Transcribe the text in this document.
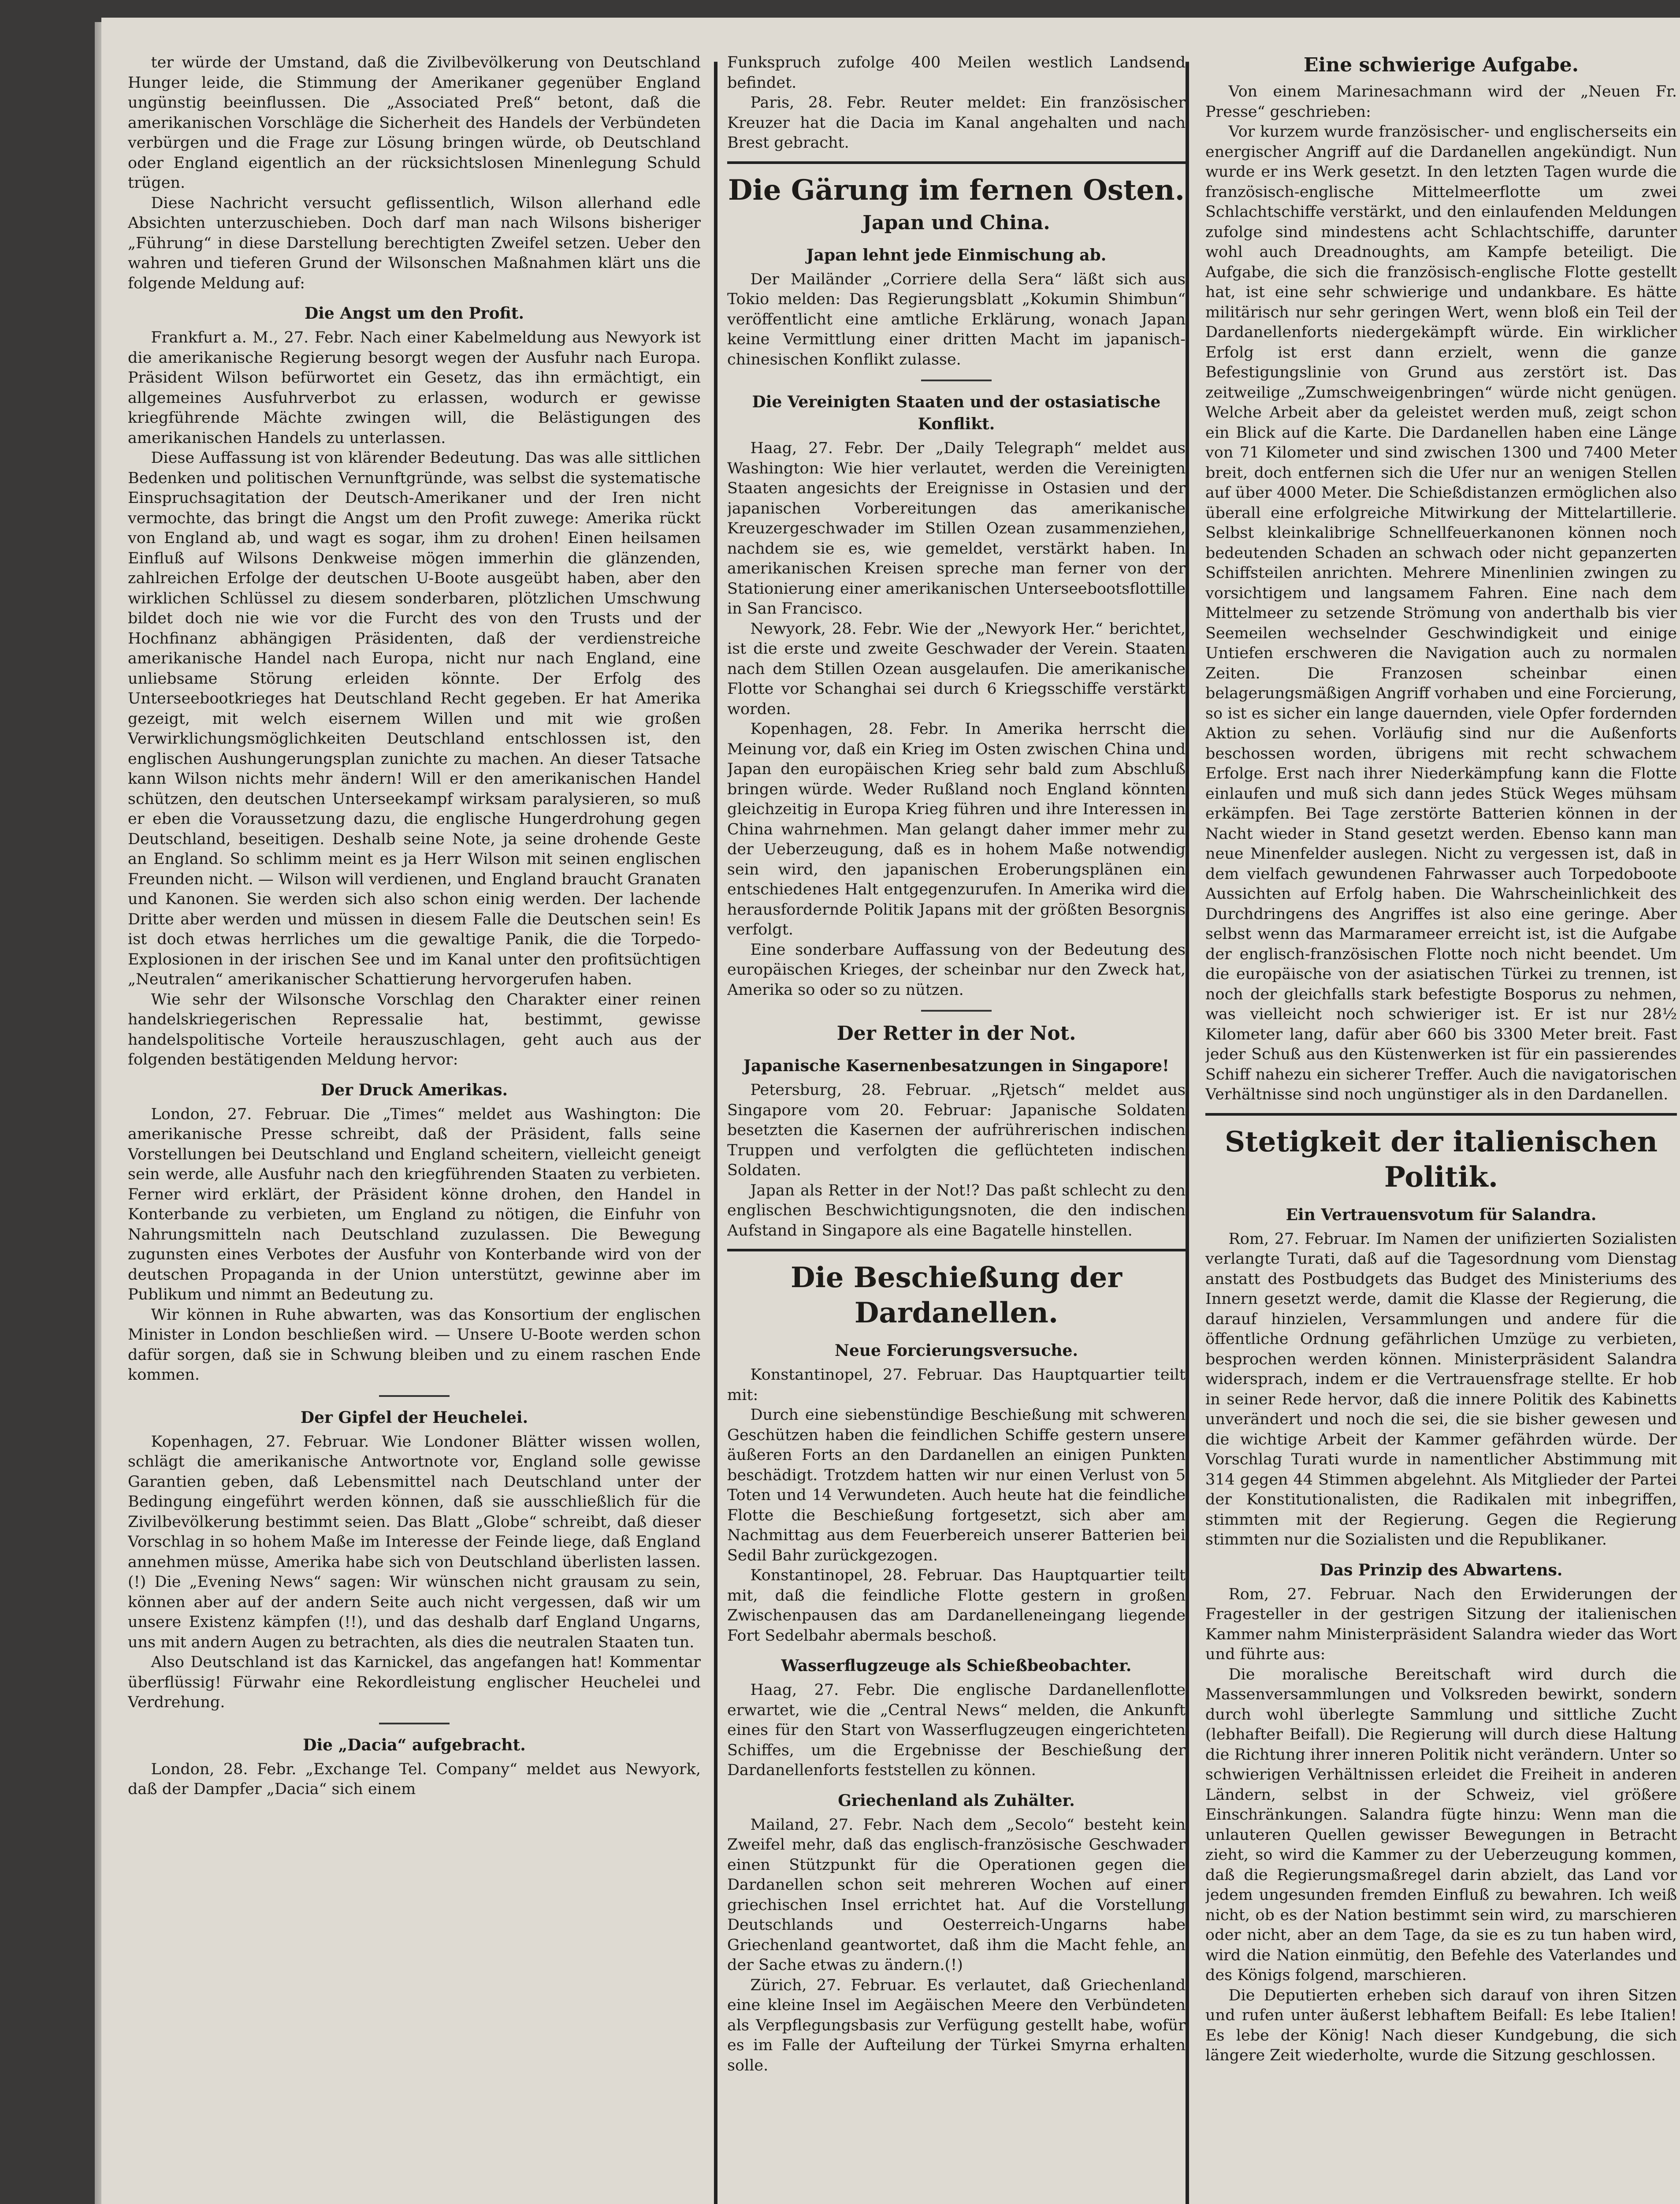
ter würde der Umstand, daß die Zivilbevölkerung von Deutschland Hunger leide, die Stimmung der Amerikaner gegenüber England ungünstig beeinflussen. Die „Associated Preß“ betont, daß die amerikanischen Vorschläge die Sicherheit des Handels der Verbündeten verbürgen und die Frage zur Lösung bringen würde, ob Deutschland oder England eigentlich an der rücksichtslosen Minenlegung Schuld trügen.
Diese Nachricht versucht geflissentlich, Wilson allerhand edle Absichten unterzuschieben. Doch darf man nach Wilsons bisheriger „Führung“ in diese Darstellung berechtigten Zweifel setzen. Ueber den wahren und tieferen Grund der Wilsonschen Maßnahmen klärt uns die folgende Meldung auf:
Die Angst um den Profit.
Frankfurt a. M., 27. Febr. Nach einer Kabelmeldung aus Newyork ist die amerikanische Regierung besorgt wegen der Ausfuhr nach Europa. Präsident Wilson befürwortet ein Gesetz, das ihn ermächtigt, ein allgemeines Ausfuhrverbot zu erlassen, wodurch er gewisse kriegführende Mächte zwingen will, die Belästigungen des amerikanischen Handels zu unterlassen.
Diese Auffassung ist von klärender Bedeutung. Das was alle sittlichen Bedenken und politischen Vernunftgründe, was selbst die systematische Einspruchsagitation der Deutsch-Amerikaner und der Iren nicht vermochte, das bringt die Angst um den Profit zuwege: Amerika rückt von England ab, und wagt es sogar, ihm zu drohen! Einen heilsamen Einfluß auf Wilsons Denkweise mögen immerhin die glänzenden, zahlreichen Erfolge der deutschen U-Boote ausgeübt haben, aber den wirklichen Schlüssel zu diesem sonderbaren, plötzlichen Umschwung bildet doch nie wie vor die Furcht des von den Trusts und der Hochfinanz abhängigen Präsidenten, daß der verdienstreiche amerikanische Handel nach Europa, nicht nur nach England, eine unliebsame Störung erleiden könnte. Der Erfolg des Unterseebootkrieges hat Deutschland Recht gegeben. Er hat Amerika gezeigt, mit welch eisernem Willen und mit wie großen Verwirklichungsmöglichkeiten Deutschland entschlossen ist, den englischen Aushungerungsplan zunichte zu machen. An dieser Tatsache kann Wilson nichts mehr ändern! Will er den amerikanischen Handel schützen, den deutschen Unterseekampf wirksam paralysieren, so muß er eben die Voraussetzung dazu, die englische Hungerdrohung gegen Deutschland, beseitigen. Deshalb seine Note, ja seine drohende Geste an England. So schlimm meint es ja Herr Wilson mit seinen englischen Freunden nicht. — Wilson will verdienen, und England braucht Granaten und Kanonen. Sie werden sich also schon einig werden. Der lachende Dritte aber werden und müssen in diesem Falle die Deutschen sein! Es ist doch etwas herrliches um die gewaltige Panik, die die Torpedo-Explosionen in der irischen See und im Kanal unter den profitsüchtigen „Neutralen“ amerikanischer Schattierung hervorgerufen haben.
Wie sehr der Wilsonsche Vorschlag den Charakter einer reinen handelskriegerischen Repressalie hat, bestimmt, gewisse handelspolitische Vorteile herauszuschlagen, geht auch aus der folgenden bestätigenden Meldung hervor:
Der Druck Amerikas.
London, 27. Februar. Die „Times“ meldet aus Washington: Die amerikanische Presse schreibt, daß der Präsident, falls seine Vorstellungen bei Deutschland und England scheitern, vielleicht geneigt sein werde, alle Ausfuhr nach den kriegführenden Staaten zu verbieten. Ferner wird erklärt, der Präsident könne drohen, den Handel in Konterbande zu verbieten, um England zu nötigen, die Einfuhr von Nahrungsmitteln nach Deutschland zuzulassen. Die Bewegung zugunsten eines Verbotes der Ausfuhr von Konterbande wird von der deutschen Propaganda in der Union unterstützt, gewinne aber im Publikum und nimmt an Bedeutung zu.
Wir können in Ruhe abwarten, was das Konsortium der englischen Minister in London beschließen wird. — Unsere U-Boote werden schon dafür sorgen, daß sie in Schwung bleiben und zu einem raschen Ende kommen.
Der Gipfel der Heuchelei.
Kopenhagen, 27. Februar. Wie Londoner Blätter wissen wollen, schlägt die amerikanische Antwortnote vor, England solle gewisse Garantien geben, daß Lebensmittel nach Deutschland unter der Bedingung eingeführt werden können, daß sie ausschließlich für die Zivilbevölkerung bestimmt seien. Das Blatt „Globe“ schreibt, daß dieser Vorschlag in so hohem Maße im Interesse der Feinde liege, daß England annehmen müsse, Amerika habe sich von Deutschland überlisten lassen. (!) Die „Evening News“ sagen: Wir wünschen nicht grausam zu sein, können aber auf der andern Seite auch nicht vergessen, daß wir um unsere Existenz kämpfen (!!), und das deshalb darf England Ungarns, uns mit andern Augen zu betrachten, als dies die neutralen Staaten tun.
Also Deutschland ist das Karnickel, das angefangen hat! Kommentar überflüssig! Fürwahr eine Rekordleistung englischer Heuchelei und Verdrehung.
Die „Dacia“ aufgebracht.
London, 28. Febr. „Exchange Tel. Company“ meldet aus Newyork, daß der Dampfer „Dacia“ sich einem
Funkspruch zufolge 400 Meilen westlich Landsend befindet.
Paris, 28. Febr. Reuter meldet: Ein französischer Kreuzer hat die Dacia im Kanal angehalten und nach Brest gebracht.
Die Gärung im fernen Osten.
Japan und China.
Japan lehnt jede Einmischung ab.
Der Mailänder „Corriere della Sera“ läßt sich aus Tokio melden: Das Regierungsblatt „Kokumin Shimbun“ veröffentlicht eine amtliche Erklärung, wonach Japan keine Vermittlung einer dritten Macht im japanisch-chinesischen Konflikt zulasse.
Die Vereinigten Staaten und der ostasiatische Konflikt.
Haag, 27. Febr. Der „Daily Telegraph“ meldet aus Washington: Wie hier verlautet, werden die Vereinigten Staaten angesichts der Ereignisse in Ostasien und der japanischen Vorbereitungen das amerikanische Kreuzergeschwader im Stillen Ozean zusammenziehen, nachdem sie es, wie gemeldet, verstärkt haben. In amerikanischen Kreisen spreche man ferner von der Stationierung einer amerikanischen Unterseebootsflottille in San Francisco.
Newyork, 28. Febr. Wie der „Newyork Her.“ berichtet, ist die erste und zweite Geschwader der Verein. Staaten nach dem Stillen Ozean ausgelaufen. Die amerikanische Flotte vor Schanghai sei durch 6 Kriegsschiffe verstärkt worden.
Kopenhagen, 28. Febr. In Amerika herrscht die Meinung vor, daß ein Krieg im Osten zwischen China und Japan den europäischen Krieg sehr bald zum Abschluß bringen würde. Weder Rußland noch England könnten gleichzeitig in Europa Krieg führen und ihre Interessen in China wahrnehmen. Man gelangt daher immer mehr zu der Ueberzeugung, daß es in hohem Maße notwendig sein wird, den japanischen Eroberungsplänen ein entschiedenes Halt entgegenzurufen. In Amerika wird die herausfordernde Politik Japans mit der größten Besorgnis verfolgt.
Eine sonderbare Auffassung von der Bedeutung des europäischen Krieges, der scheinbar nur den Zweck hat, Amerika so oder so zu nützen.
Der Retter in der Not.
Japanische Kasernenbesatzungen in Singapore!
Petersburg, 28. Februar. „Rjetsch“ meldet aus Singapore vom 20. Februar: Japanische Soldaten besetzten die Kasernen der aufrührerischen indischen Truppen und verfolgten die geflüchteten indischen Soldaten.
Japan als Retter in der Not!? Das paßt schlecht zu den englischen Beschwichtigungsnoten, die den indischen Aufstand in Singapore als eine Bagatelle hinstellen.
Die Beschießung der Dardanellen.
Neue Forcierungsversuche.
Konstantinopel, 27. Februar. Das Hauptquartier teilt mit:
Durch eine siebenstündige Beschießung mit schweren Geschützen haben die feindlichen Schiffe gestern unsere äußeren Forts an den Dardanellen an einigen Punkten beschädigt. Trotzdem hatten wir nur einen Verlust von 5 Toten und 14 Verwundeten. Auch heute hat die feindliche Flotte die Beschießung fortgesetzt, sich aber am Nachmittag aus dem Feuerbereich unserer Batterien bei Sedil Bahr zurückgezogen.
Konstantinopel, 28. Februar. Das Hauptquartier teilt mit, daß die feindliche Flotte gestern in großen Zwischenpausen das am Dardanelleneingang liegende Fort Sedelbahr abermals beschoß.
Wasserflugzeuge als Schießbeobachter.
Haag, 27. Febr. Die englische Dardanellenflotte erwartet, wie die „Central News“ melden, die Ankunft eines für den Start von Wasserflugzeugen eingerichteten Schiffes, um die Ergebnisse der Beschießung der Dardanellenforts feststellen zu können.
Griechenland als Zuhälter.
Mailand, 27. Febr. Nach dem „Secolo“ besteht kein Zweifel mehr, daß das englisch-französische Geschwader einen Stützpunkt für die Operationen gegen die Dardanellen schon seit mehreren Wochen auf einer griechischen Insel errichtet hat. Auf die Vorstellung Deutschlands und Oesterreich-Ungarns habe Griechenland geantwortet, daß ihm die Macht fehle, an der Sache etwas zu ändern.(!)
Zürich, 27. Februar. Es verlautet, daß Griechenland eine kleine Insel im Aegäischen Meere den Verbündeten als Verpflegungsbasis zur Verfügung gestellt habe, wofür es im Falle der Aufteilung der Türkei Smyrna erhalten solle.
Eine schwierige Aufgabe.
Von einem Marinesachmann wird der „Neuen Fr. Presse“ geschrieben:
Vor kurzem wurde französischer- und englischerseits ein energischer Angriff auf die Dardanellen angekündigt. Nun wurde er ins Werk gesetzt. In den letzten Tagen wurde die französisch-englische Mittelmeerflotte um zwei Schlachtschiffe verstärkt, und den einlaufenden Meldungen zufolge sind mindestens acht Schlachtschiffe, darunter wohl auch Dreadnoughts, am Kampfe beteiligt. Die Aufgabe, die sich die französisch-englische Flotte gestellt hat, ist eine sehr schwierige und undankbare. Es hätte militärisch nur sehr geringen Wert, wenn bloß ein Teil der Dardanellenforts niedergekämpft würde. Ein wirklicher Erfolg ist erst dann erzielt, wenn die ganze Befestigungslinie von Grund aus zerstört ist. Das zeitweilige „Zumschweigenbringen“ würde nicht genügen. Welche Arbeit aber da geleistet werden muß, zeigt schon ein Blick auf die Karte. Die Dardanellen haben eine Länge von 71 Kilometer und sind zwischen 1300 und 7400 Meter breit, doch entfernen sich die Ufer nur an wenigen Stellen auf über 4000 Meter. Die Schießdistanzen ermöglichen also überall eine erfolgreiche Mitwirkung der Mittelartillerie. Selbst kleinkalibrige Schnellfeuerkanonen können noch bedeutenden Schaden an schwach oder nicht gepanzerten Schiffsteilen anrichten. Mehrere Minenlinien zwingen zu vorsichtigem und langsamem Fahren. Eine nach dem Mittelmeer zu setzende Strömung von anderthalb bis vier Seemeilen wechselnder Geschwindigkeit und einige Untiefen erschweren die Navigation auch zu normalen Zeiten. Die Franzosen scheinbar einen belagerungsmäßigen Angriff vorhaben und eine Forcierung, so ist es sicher ein lange dauernden, viele Opfer fordernden Aktion zu sehen. Vorläufig sind nur die Außenforts beschossen worden, übrigens mit recht schwachem Erfolge. Erst nach ihrer Niederkämpfung kann die Flotte einlaufen und muß sich dann jedes Stück Weges mühsam erkämpfen. Bei Tage zerstörte Batterien können in der Nacht wieder in Stand gesetzt werden. Ebenso kann man neue Minenfelder auslegen. Nicht zu vergessen ist, daß in dem vielfach gewundenen Fahrwasser auch Torpedoboote Aussichten auf Erfolg haben. Die Wahrscheinlichkeit des Durchdringens des Angriffes ist also eine geringe. Aber selbst wenn das Marmarameer erreicht ist, ist die Aufgabe der englisch-französischen Flotte noch nicht beendet. Um die europäische von der asiatischen Türkei zu trennen, ist noch der gleichfalls stark befestigte Bosporus zu nehmen, was vielleicht noch schwieriger ist. Er ist nur 28½ Kilometer lang, dafür aber 660 bis 3300 Meter breit. Fast jeder Schuß aus den Küstenwerken ist für ein passierendes Schiff nahezu ein sicherer Treffer. Auch die navigatorischen Verhältnisse sind noch ungünstiger als in den Dardanellen.
Stetigkeit der italienischen Politik.
Ein Vertrauensvotum für Salandra.
Rom, 27. Februar. Im Namen der unifizierten Sozialisten verlangte Turati, daß auf die Tagesordnung vom Dienstag anstatt des Postbudgets das Budget des Ministeriums des Innern gesetzt werde, damit die Klasse der Regierung, die darauf hinzielen, Versammlungen und andere für die öffentliche Ordnung gefährlichen Umzüge zu verbieten, besprochen werden können. Ministerpräsident Salandra widersprach, indem er die Vertrauensfrage stellte. Er hob in seiner Rede hervor, daß die innere Politik des Kabinetts unverändert und noch die sei, die sie bisher gewesen und die wichtige Arbeit der Kammer gefährden würde. Der Vorschlag Turati wurde in namentlicher Abstimmung mit 314 gegen 44 Stimmen abgelehnt. Als Mitglieder der Partei der Konstitutionalisten, die Radikalen mit inbegriffen, stimmten mit der Regierung. Gegen die Regierung stimmten nur die Sozialisten und die Republikaner.
Das Prinzip des Abwartens.
Rom, 27. Februar. Nach den Erwiderungen der Fragesteller in der gestrigen Sitzung der italienischen Kammer nahm Ministerpräsident Salandra wieder das Wort und führte aus:
Die moralische Bereitschaft wird durch die Massenversammlungen und Volksreden bewirkt, sondern durch wohl überlegte Sammlung und sittliche Zucht (lebhafter Beifall). Die Regierung will durch diese Haltung die Richtung ihrer inneren Politik nicht verändern. Unter so schwierigen Verhältnissen erleidet die Freiheit in anderen Ländern, selbst in der Schweiz, viel größere Einschränkungen. Salandra fügte hinzu: Wenn man die unlauteren Quellen gewisser Bewegungen in Betracht zieht, so wird die Kammer zu der Ueberzeugung kommen, daß die Regierungsmaßregel darin abzielt, das Land vor jedem ungesunden fremden Einfluß zu bewahren. Ich weiß nicht, ob es der Nation bestimmt sein wird, zu marschieren oder nicht, aber an dem Tage, da sie es zu tun haben wird, wird die Nation einmütig, den Befehle des Vaterlandes und des Königs folgend, marschieren.
Die Deputierten erheben sich darauf von ihren Sitzen und rufen unter äußerst lebhaftem Beifall: Es lebe Italien! Es lebe der König! Nach dieser Kundgebung, die sich längere Zeit wiederholte, wurde die Sitzung geschlossen.
